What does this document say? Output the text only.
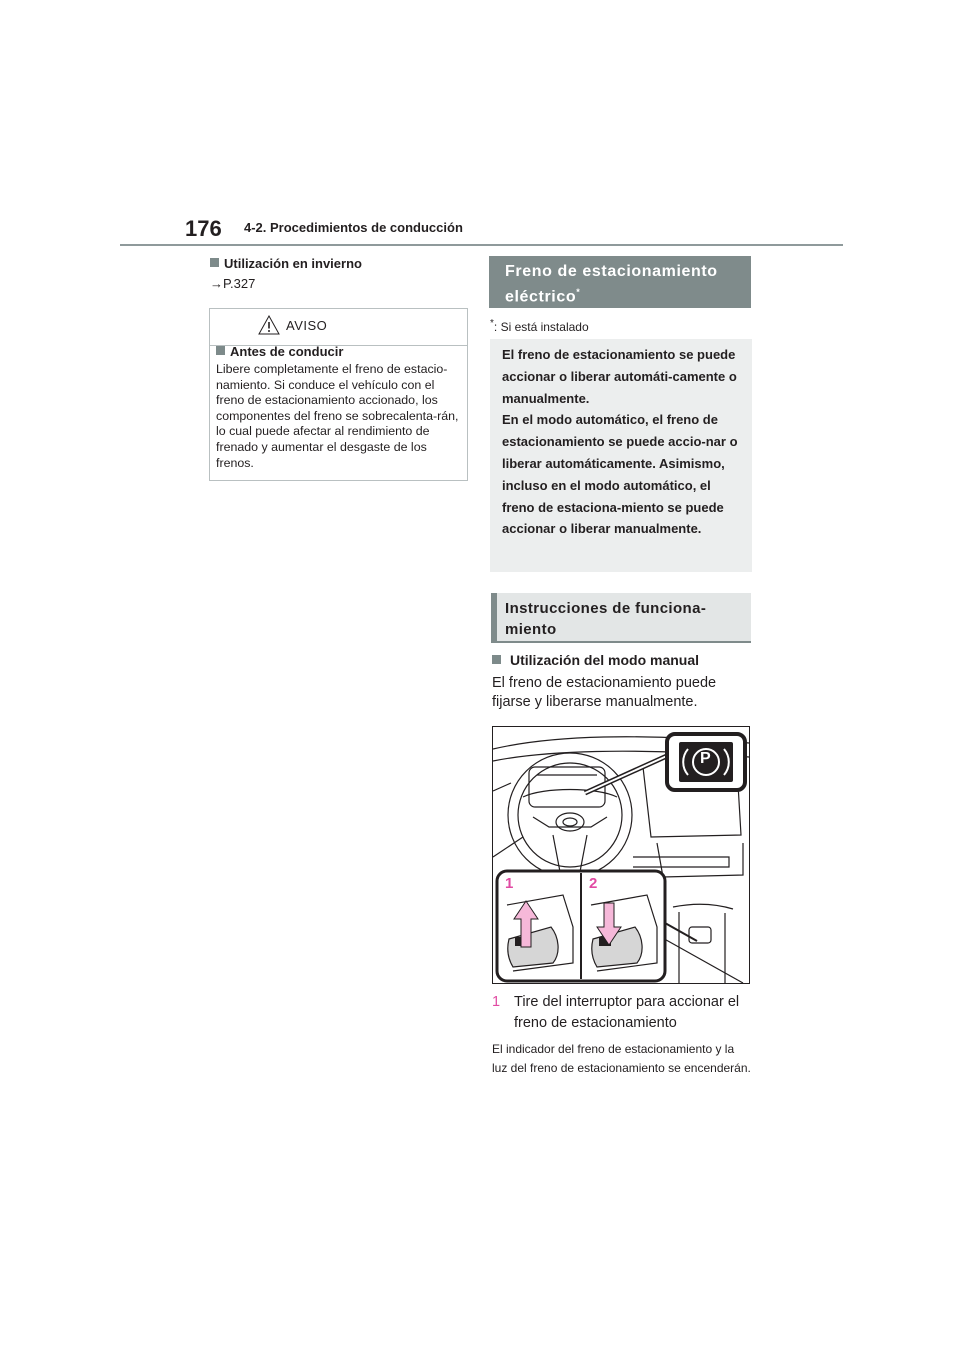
176 4-2. Procedimientos de conducción
Utilización en invierno
→P.327
AVISO
Antes de conducir
Libere completamente el freno de estacio-namiento. Si conduce el vehículo con el freno de estacionamiento accionado, los componentes del freno se sobrecalenta-rán, lo cual puede afectar al rendimiento de frenado y aumentar el desgaste de los frenos.
Freno de estacionamiento
eléctrico*
*: Si está instalado
El freno de estacionamiento se puede accionar o liberar automáti-camente o manualmente.
En el modo automático, el freno de estacionamiento se puede accio-nar o liberar automáticamente. Asimismo, incluso en el modo automático, el freno de estaciona-miento se puede accionar o liberar manualmente.
Instrucciones de funciona-miento
Utilización del modo manual
El freno de estacionamiento puede fijarse y liberarse manualmente.
1	2
P
1 Tire del interruptor para accionar el freno de estacionamiento
El indicador del freno de estacionamiento y la luz del freno de estacionamiento se encenderán.
